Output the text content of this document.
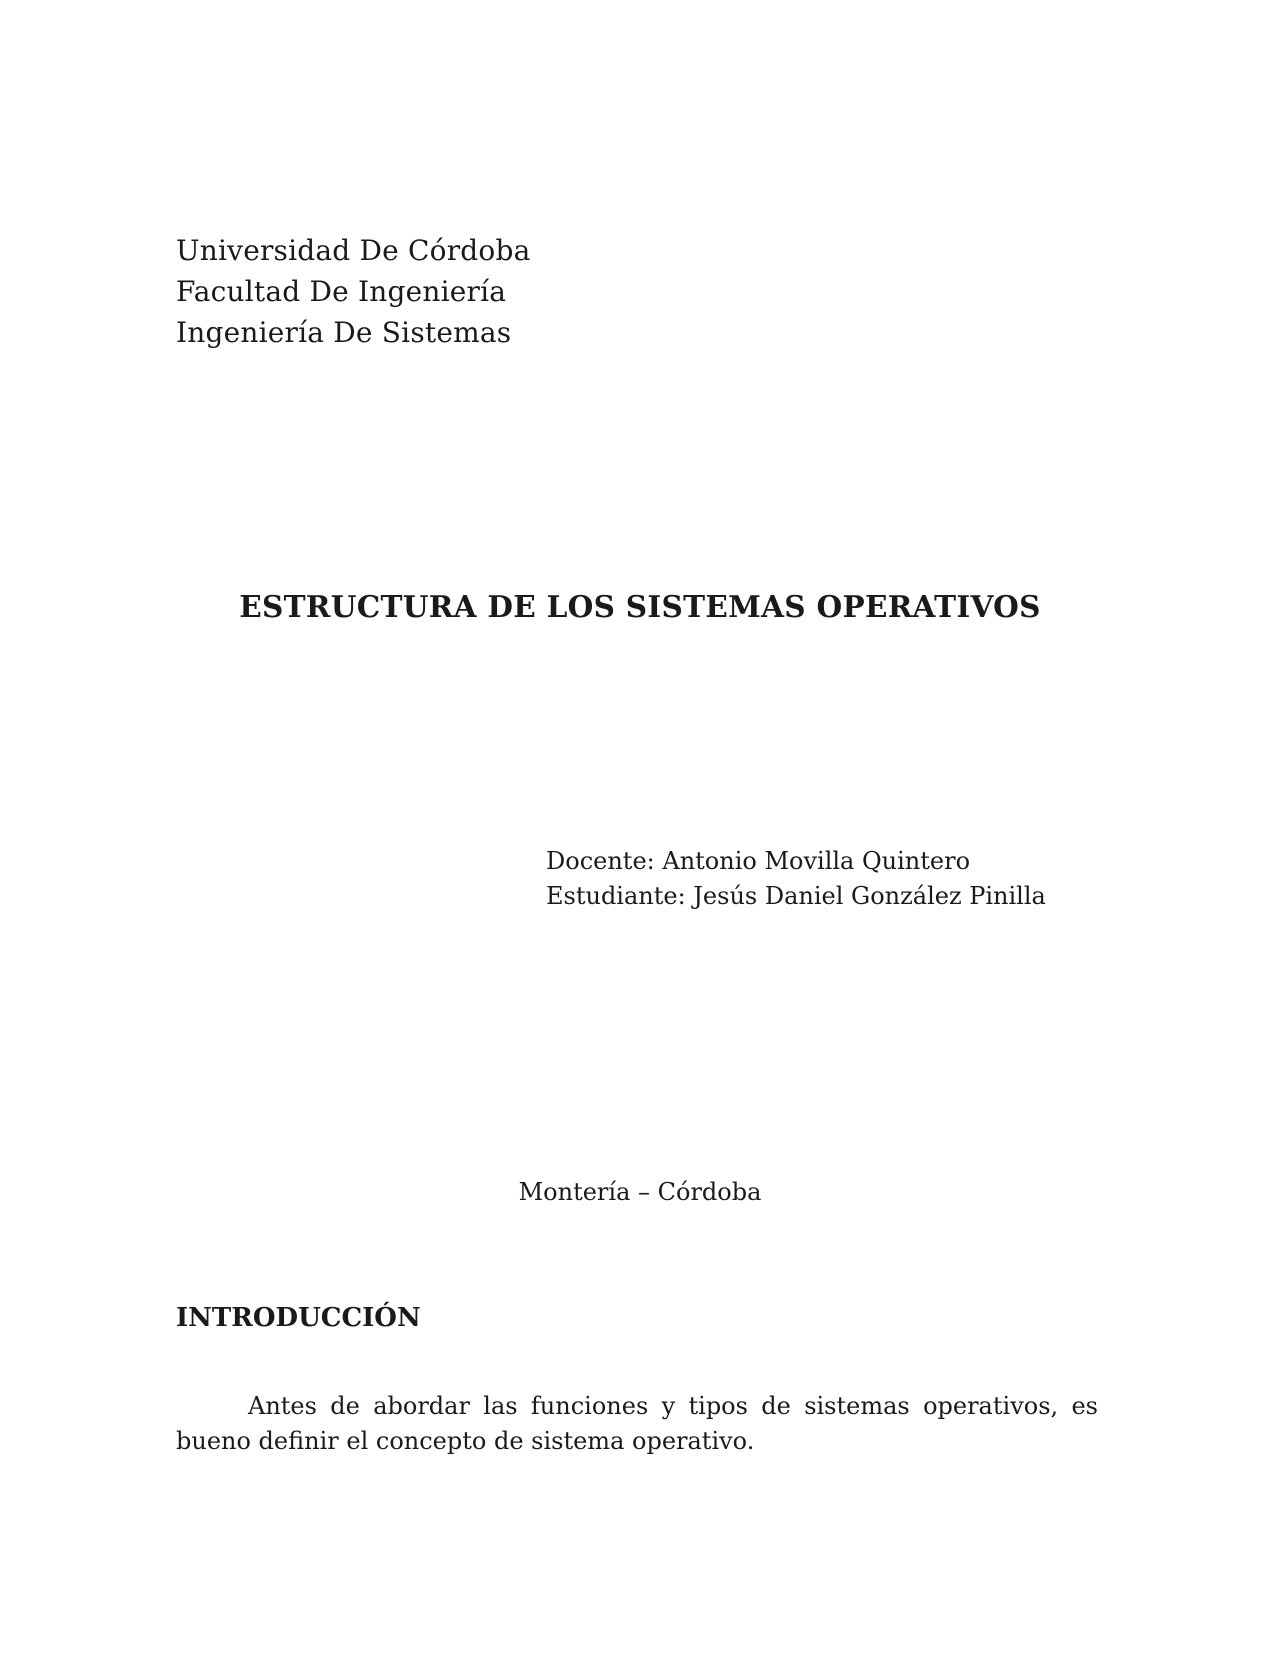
Universidad De Córdoba
Facultad De Ingeniería
Ingeniería De Sistemas
ESTRUCTURA DE LOS SISTEMAS OPERATIVOS
Docente: Antonio Movilla Quintero
Estudiante: Jesús Daniel González Pinilla
Montería – Córdoba
INTRODUCCIÓN

Antes de abordar las funciones y tipos de sistemas operativos, es bueno definir el concepto de sistema operativo.
